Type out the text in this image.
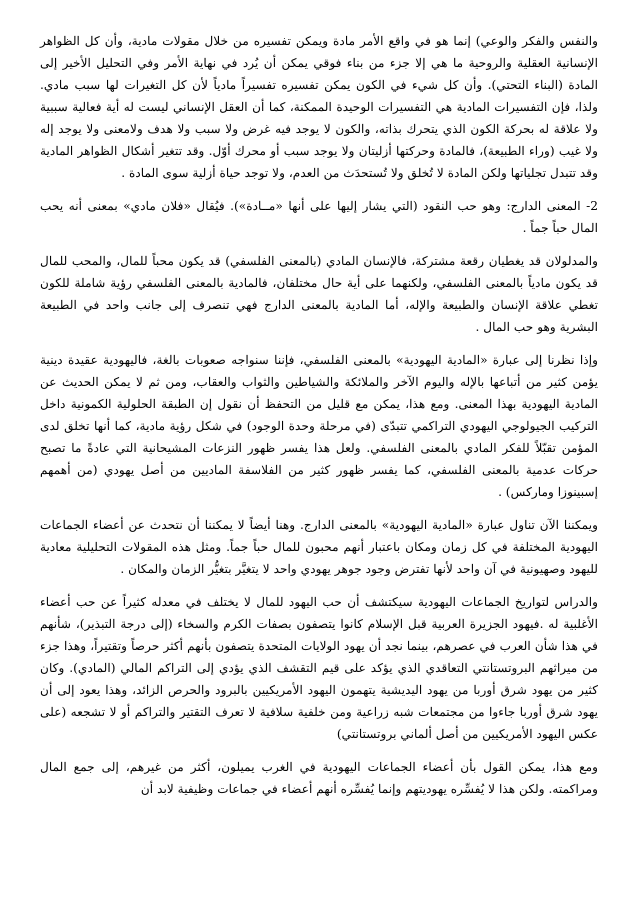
والنفس والفكر والوعي) إنما هو في واقع الأمر مادة ويمكن تفسيره من خلال مقولات مادية، وأن كل الظواهر الإنسانية العقلية والروحية ما هي إلا جزء من بناء فوقي يمكن أن يُرد في نهاية الأمر وفي التحليل الأخير إلى المادة (البناء التحتي). وأن كل شيء في الكون يمكن تفسيره تفسيراً مادياً لأن كل التغيرات لها سبب مادي. ولذا، فإن التفسيرات المادية هي التفسيرات الوحيدة الممكنة، كما أن العقل الإنساني ليست له أية فعالية سببية ولا علاقة له بحركة الكون الذي يتحرك بذاته، والكون لا يوجد فيه غرض ولا سبب ولا هدف ولامعنى ولا يوجد إله ولا غيب (وراء الطبيعة)، فالمادة وحركتها أزليتان ولا يوجد سبب أو محرك أوّل. وقد تتغير أشكال الظواهر المادية وقد تتبدل تجلياتها ولكن المادة لا تُخلق ولا تُستحدَث من العدم، ولا توجد حياة أزلية سوى المادة .

2- المعنى الدارج: وهو حب النقود (التي يشار إليها على أنها «مــادة»). فيُقال «فلان مادي» بمعنى أنه يحب المال حباً جماً .

والمدلولان قد يغطيان رقعة مشتركة، فالإنسان المادي (بالمعنى الفلسفي) قد يكون محباً للمال، والمحب للمال قد يكون مادياً بالمعنى الفلسفي، ولكنهما على أية حال مختلفان، فالمادية بالمعنى الفلسفي رؤية شاملة للكون تغطي علاقة الإنسان والطبيعة والإله، أما المادية بالمعنى الدارج فهي تنصرف إلى جانب واحد في الطبيعة البشرية وهو حب المال .

وإذا نظرنا إلى عبارة «المادية اليهودية» بالمعنى الفلسفي، فإننا سنواجه صعوبات بالغة، فاليهودية عقيدة دينية يؤمن كثير من أتباعها بالإله واليوم الآخر والملائكة والشياطين والثواب والعقاب، ومن ثم لا يمكن الحديث عن المادية اليهودية بهذا المعنى. ومع هذا، يمكن مع قليل من التحفظ أن نقول إن الطبقة الحلولية الكمونية داخل التركيب الجيولوجي اليهودي التراكمي تتبدّى (في مرحلة وحدة الوجود) في شكل رؤية مادية، كما أنها تخلق لدى المؤمن تقبّلاً للفكر المادي بالمعنى الفلسفي. ولعل هذا يفسر ظهور النزعات المشيحانية التي عادةً ما تصبح حركات عدمية بالمعنى الفلسفي، كما يفسر ظهور كثير من الفلاسفة الماديين من أصل يهودي (من أهمهم إسبينوزا وماركس) .

ويمكننا الآن تناول عبارة «المادية اليهودية» بالمعنى الدارج. وهنا أيضاً لا يمكننا أن نتحدث عن أعضاء الجماعات اليهودية المختلفة في كل زمان ومكان باعتبار أنهم محبون للمال حباً جماً. ومثل هذه المقولات التحليلية معادية لليهود وصهيونية في آن واحد لأنها تفترض وجود جوهر يهودي واحد لا يتغيَّر بتغيُّر الزمان والمكان .

والدراس لتواريخ الجماعات اليهودية سيكتشف أن حب اليهود للمال لا يختلف في معدله كثيراً عن حب أعضاء الأغلبية له .فيهود الجزيرة العربية قبل الإسلام كانوا يتصفون بصفات الكرم والسخاء (إلى درجة التبذير)، شأنهم في هذا شأن العرب في عصرهم، بينما نجد أن يهود الولايات المتحدة يتصفون بأنهم أكثر حرصاً وتقتيراً، وهذا جزء من ميراثهم البروتستانتي التعاقدي الذي يؤكد على قيم التقشف الذي يؤدي إلى التراكم المالي (المادي). وكان كثير من يهود شرق أوربا من يهود اليديشية يتهمون اليهود الأمريكيين بالبرود والحرص الزائد، وهذا يعود إلى أن يهود شرق أوربا جاءوا من مجتمعات شبه زراعية ومن خلفية سلافية لا تعرف التقتير والتراكم أو لا تشجعه (على عكس اليهود الأمريكيين من أصل ألماني بروتستانتي)

ومع هذا، يمكن القول بأن أعضاء الجماعات اليهودية في الغرب يميلون، أكثر من غيرهم، إلى جمع المال ومراكمته. ولكن هذا لا يُفسِّره يهوديتهم وإنما يُفسِّره أنهم أعضاء في جماعات وظيفية لابد أن
